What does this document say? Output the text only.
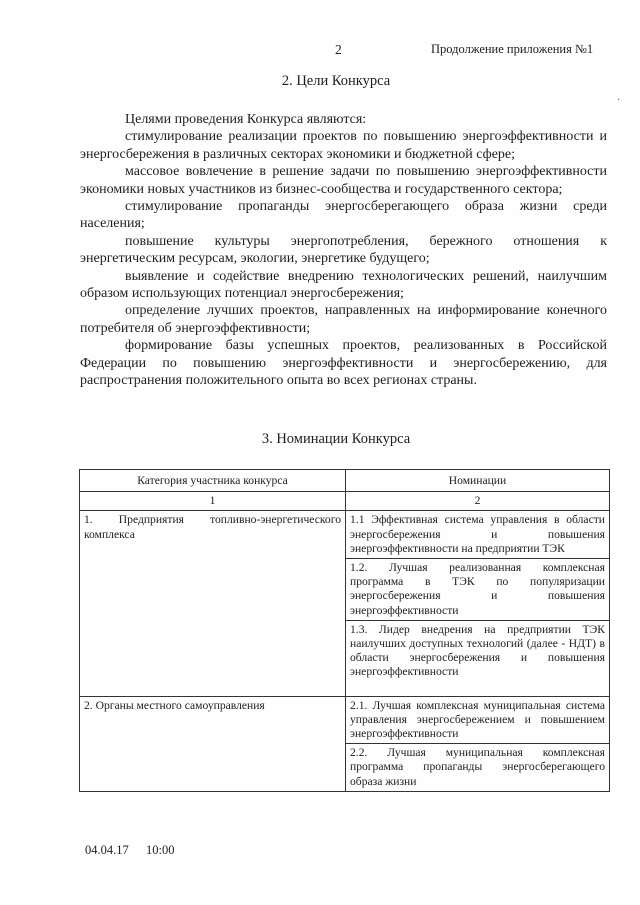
2	Продолжение приложения №1
·
2. Цели Конкурса

Целями проведения Конкурса являются:

стимулирование реализации проектов по повышению энергоэффективности и энергосбережения в различных секторах экономики и бюджетной сфере;

массовое вовлечение в решение задачи по повышению энергоэффективности экономики новых участников из бизнес-сообщества и государственного сектора;

стимулирование пропаганды энергосберегающего образа жизни среди населения;

повышение культуры энергопотребления, бережного отношения к энергетическим ресурсам, экологии, энергетике будущего;

выявление и содействие внедрению технологических решений, наилучшим образом использующих потенциал энергосбережения;

определение лучших проектов, направленных на информирование конечного потребителя об энергоэффективности;

формирование базы успешных проектов, реализованных в Российской Федерации по повышению энергоэффективности и энергосбережению, для распространения положительного опыта во всех регионах страны.

3. Номинации Конкурса
Категория участника конкурса	Номинации
1	2
1. Предприятия топливно-энергетического комплекса	1.1 Эффективная система управления в области энергосбережения и повышения энергоэффективности на предприятии ТЭК
	1.2. Лучшая реализованная комплексная программа в ТЭК по популяризации энергосбережения и повышения энергоэффективности
	1.3. Лидер внедрения на предприятии ТЭК наилучших доступных технологий (далее - НДТ) в области энергосбережения и повышения энергоэффективности
2. Органы местного самоуправления	2.1. Лучшая комплексная муниципальная система управления энергосбережением и повышением энергоэффективности
	2.2. Лучшая муниципальная комплексная программа пропаганды энергосберегающего образа жизни
04.04.17 10:00
